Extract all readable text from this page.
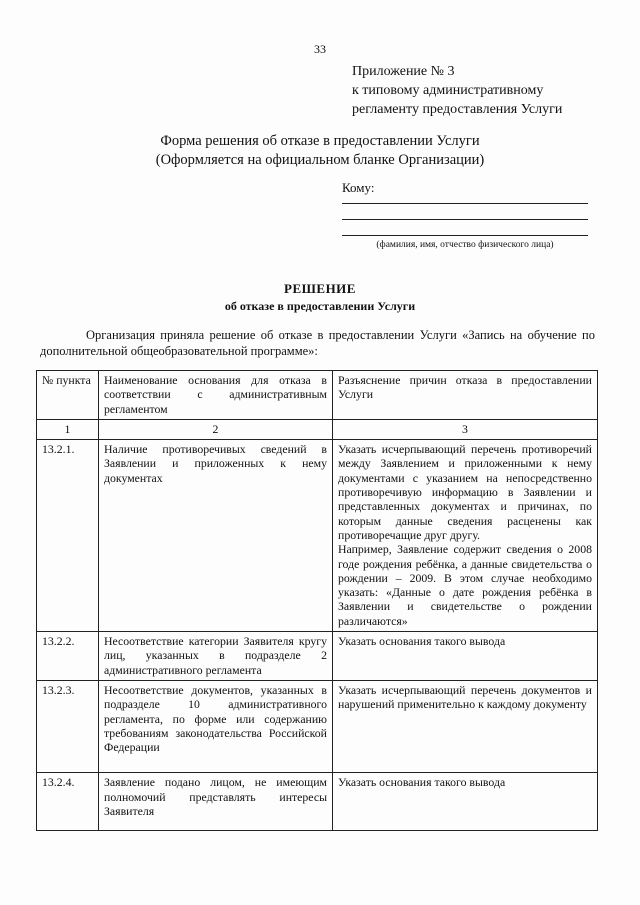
33
Приложение № 3
к типовому административному
регламенту предоставления Услуги
Форма решения об отказе в предоставлении Услуги
(Оформляется на официальном бланке Организации)
Кому:
(фамилия, имя, отчество физического лица)
РЕШЕНИЕ
об отказе в предоставлении Услуги
Организация приняла решение об отказе в предоставлении Услуги «Запись на обучение по дополнительной общеобразовательной программе»:
№ пункта	Наименование основания для отказа в соответствии с административным регламентом	Разъяснение причин отказа в предоставлении Услуги
1	2	3
13.2.1.	Наличие противоречивых сведений в Заявлении и приложенных к нему документах	Указать исчерпывающий перечень противоречий между Заявлением и приложенными к нему документами с указанием на непосредственно противоречивую информацию в Заявлении и представленных документах и причинах, по которым данные сведения расценены как противоречащие друг другу.
Например, Заявление содержит сведения о 2008 годе рождения ребёнка, а данные свидетельства о рождении – 2009. В этом случае необходимо указать: «Данные о дате рождения ребёнка в Заявлении и свидетельстве о рождении различаются»

13.2.2.	Несоответствие категории Заявителя кругу лиц, указанных в подразделе 2 административного регламента	Указать основания такого вывода
13.2.3.	Несоответствие документов, указанных в подразделе 10 административного регламента, по форме или содержанию требованиям законодательства Российской Федерации	Указать исчерпывающий перечень документов и нарушений применительно к каждому документу
13.2.4.	Заявление подано лицом, не имеющим полномочий представлять интересы Заявителя	Указать основания такого вывода
